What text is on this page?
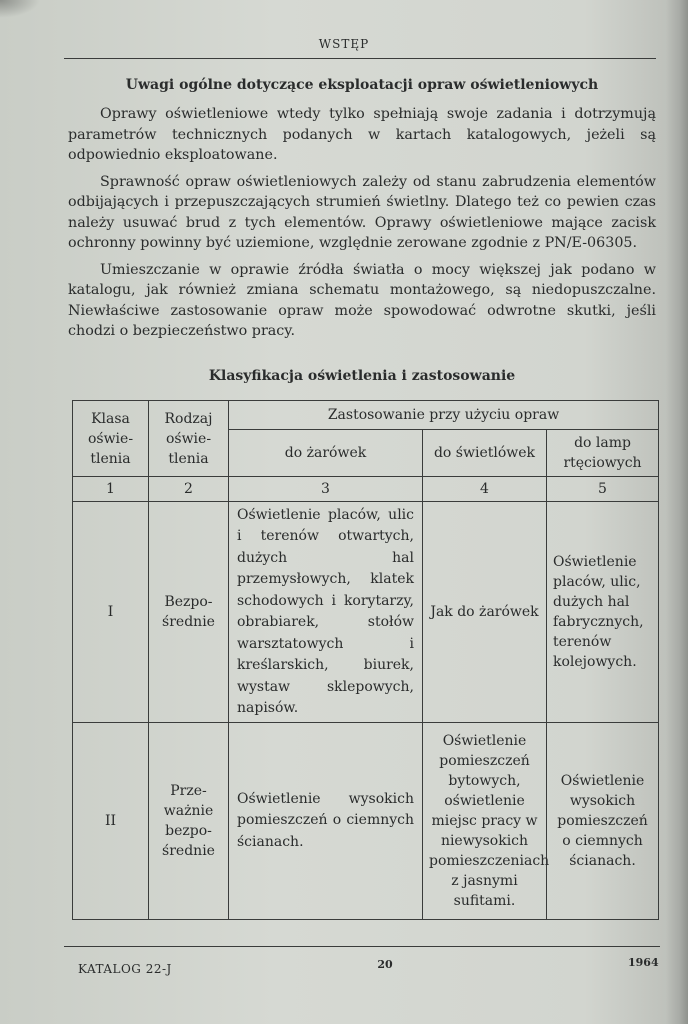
WSTĘP
Uwagi ogólne dotyczące eksploatacji opraw oświetleniowych

Oprawy oświetleniowe wtedy tylko spełniają swoje zadania i dotrzymują parametrów technicznych podanych w kartach katalogowych, jeżeli są odpowiednio eksploatowane.

Sprawność opraw oświetleniowych zależy od stanu zabrudzenia elementów odbijających i przepuszczających strumień świetlny. Dlatego też co pewien czas należy usuwać brud z tych elementów. Oprawy oświetleniowe mające zacisk ochronny powinny być uziemione, względnie zerowane zgodnie z PN/E-06305.

Umieszczanie w oprawie źródła światła o mocy większej jak podano w katalogu, jak również zmiana schematu montażowego, są niedopuszczalne. Niewłaściwe zastosowanie opraw może spowodować odwrotne skutki, jeśli chodzi o bezpieczeństwo pracy.

Klasyfikacja oświetlenia i zastosowanie
Klasa oświe- tlenia	Rodzaj oświe- tlenia	Zastosowanie przy użyciu opraw		
		do żarówek	do świetlówek	do lamp rtęciowych
1	2	3	4	5
I	Bezpo- średnie	Oświetlenie placów, ulic i terenów otwartych, dużych hal przemysłowych, klatek schodowych i korytarzy, obrabiarek, stołów warsztatowych i kreślarskich, biurek, wystaw sklepowych, napisów.	Jak do żarówek	Oświetlenie placów, ulic, dużych hal fabrycznych, terenów kolejowych.
II	Prze- ważnie bezpo- średnie	Oświetlenie wysokich pomieszczeń o ciemnych ścianach.	Oświetlenie pomieszczeń bytowych, oświetlenie miejsc pracy w niewysokich pomieszczeniach z jasnymi sufitami.	Oświetlenie wysokich pomieszczeń o ciemnych ścianach.
KATALOG 22-J	20	1964
